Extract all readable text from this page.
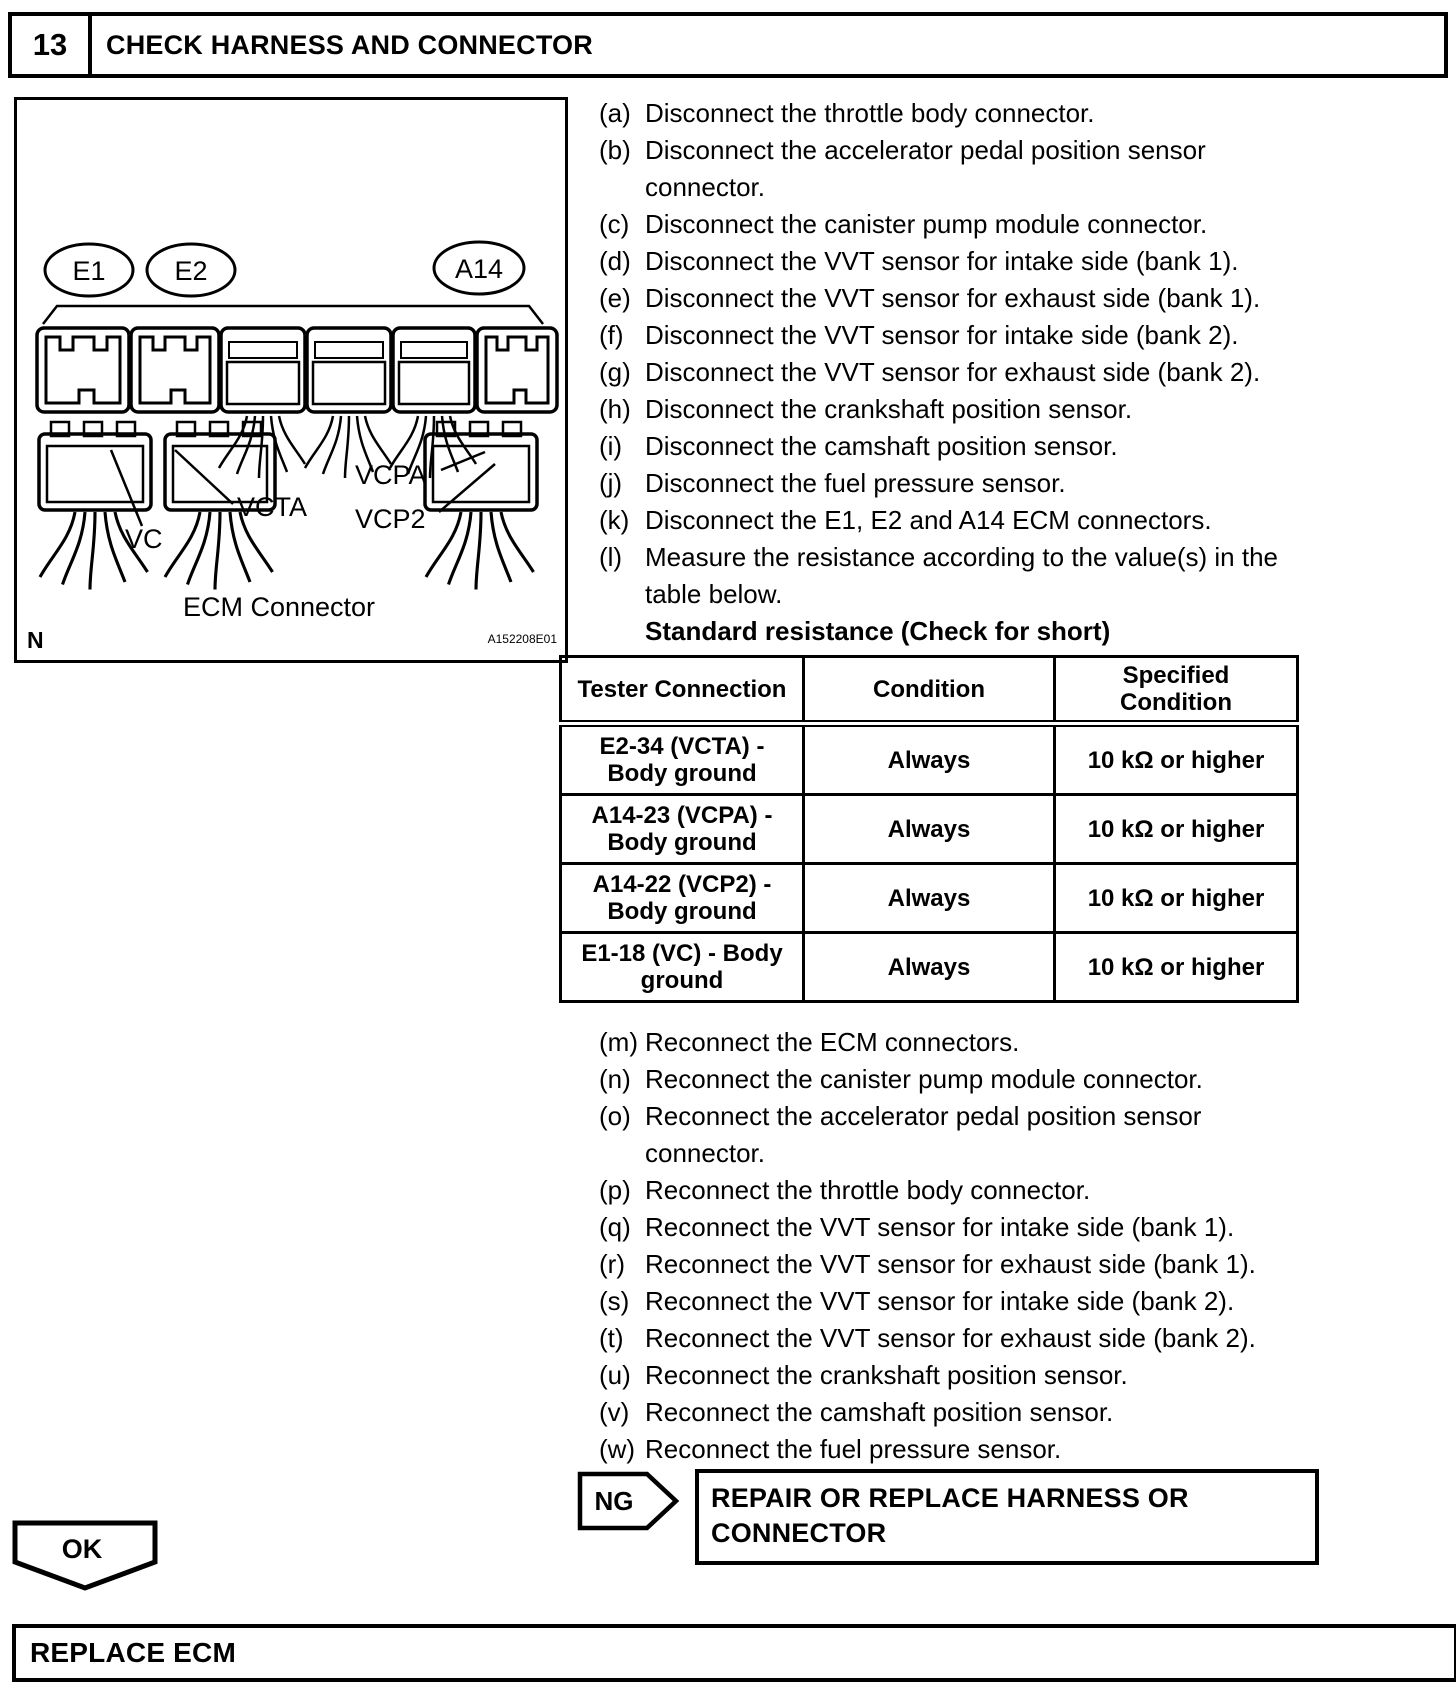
13	CHECK HARNESS AND CONNECTOR
E1	E2	A14
VCPA
VCTA VCP2
VC
ECM Connector
N	A152208E01
(a) Disconnect the throttle body connector.
(b) Disconnect the accelerator pedal position sensor connector.
(c) Disconnect the canister pump module connector.
(d) Disconnect the VVT sensor for intake side (bank 1).
(e) Disconnect the VVT sensor for exhaust side (bank 1).
(f) Disconnect the VVT sensor for intake side (bank 2).
(g) Disconnect the VVT sensor for exhaust side (bank 2).
(h) Disconnect the crankshaft position sensor.
(i) Disconnect the camshaft position sensor.
(j) Disconnect the fuel pressure sensor.
(k) Disconnect the E1, E2 and A14 ECM connectors.
(l) Measure the resistance according to the value(s) in the table below.
Standard resistance (Check for short)
Tester Connection	Condition	Specified Condition
E2-34 (VCTA) - Body ground	Always	10 kΩ or higher
A14-23 (VCPA) - Body ground	Always	10 kΩ or higher
A14-22 (VCP2) - Body ground	Always	10 kΩ or higher
E1-18 (VC) - Body ground	Always	10 kΩ or higher
(m) Reconnect the ECM connectors.
(n) Reconnect the canister pump module connector.
(o) Reconnect the accelerator pedal position sensor connector.
(p) Reconnect the throttle body connector.
(q) Reconnect the VVT sensor for intake side (bank 1).
(r) Reconnect the VVT sensor for exhaust side (bank 1).
(s) Reconnect the VVT sensor for intake side (bank 2).
(t) Reconnect the VVT sensor for exhaust side (bank 2).
(u) Reconnect the crankshaft position sensor.
(v) Reconnect the camshaft position sensor.
(w) Reconnect the fuel pressure sensor.
NG	REPAIR OR REPLACE HARNESS OR CONNECTOR
OK
REPLACE ECM
